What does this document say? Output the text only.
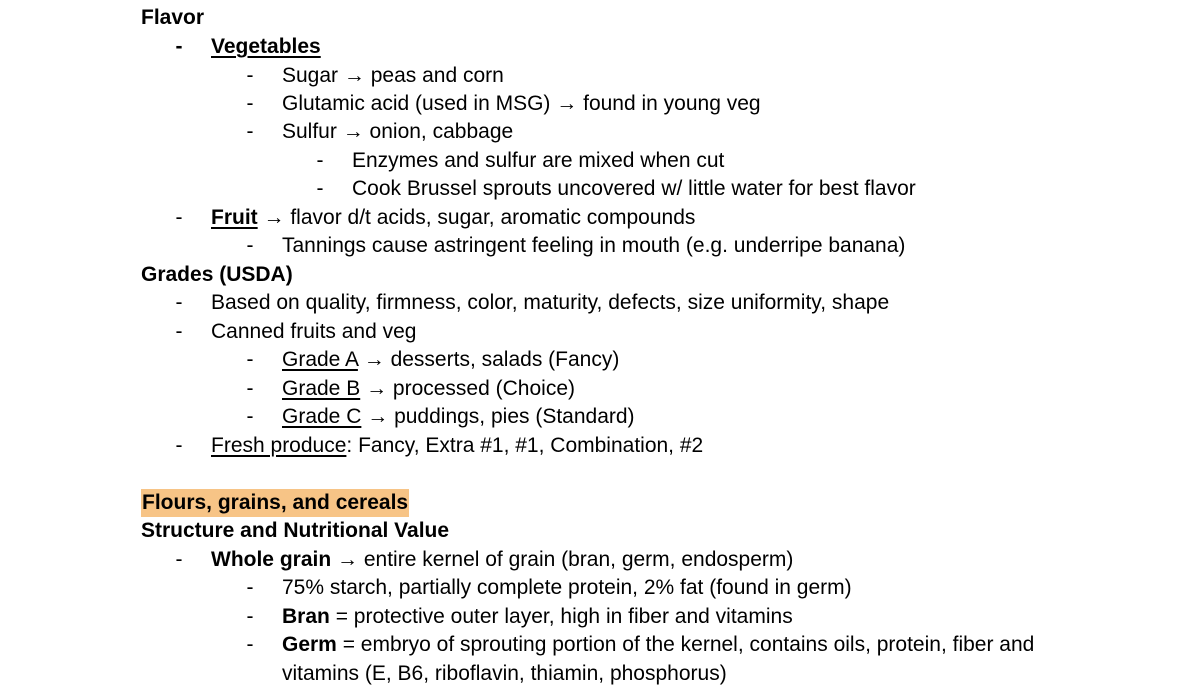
Flavor
- Vegetables
- Sugar → peas and corn
- Glutamic acid (used in MSG) → found in young veg
- Sulfur → onion, cabbage
- Enzymes and sulfur are mixed when cut
- Cook Brussel sprouts uncovered w/ little water for best flavor
- Fruit → flavor d/t acids, sugar, aromatic compounds
- Tannings cause astringent feeling in mouth (e.g. underripe banana)
Grades (USDA)
- Based on quality, firmness, color, maturity, defects, size uniformity, shape
- Canned fruits and veg
- Grade A → desserts, salads (Fancy)
- Grade B → processed (Choice)
- Grade C → puddings, pies (Standard)
- Fresh produce: Fancy, Extra #1, #1, Combination, #2
Flours, grains, and cereals
Structure and Nutritional Value
- Whole grain → entire kernel of grain (bran, germ, endosperm)
- 75% starch, partially complete protein, 2% fat (found in germ)
- Bran = protective outer layer, high in fiber and vitamins
- Germ = embryo of sprouting portion of the kernel, contains oils, protein, fiber and
vitamins (E, B6, riboflavin, thiamin, phosphorus)
